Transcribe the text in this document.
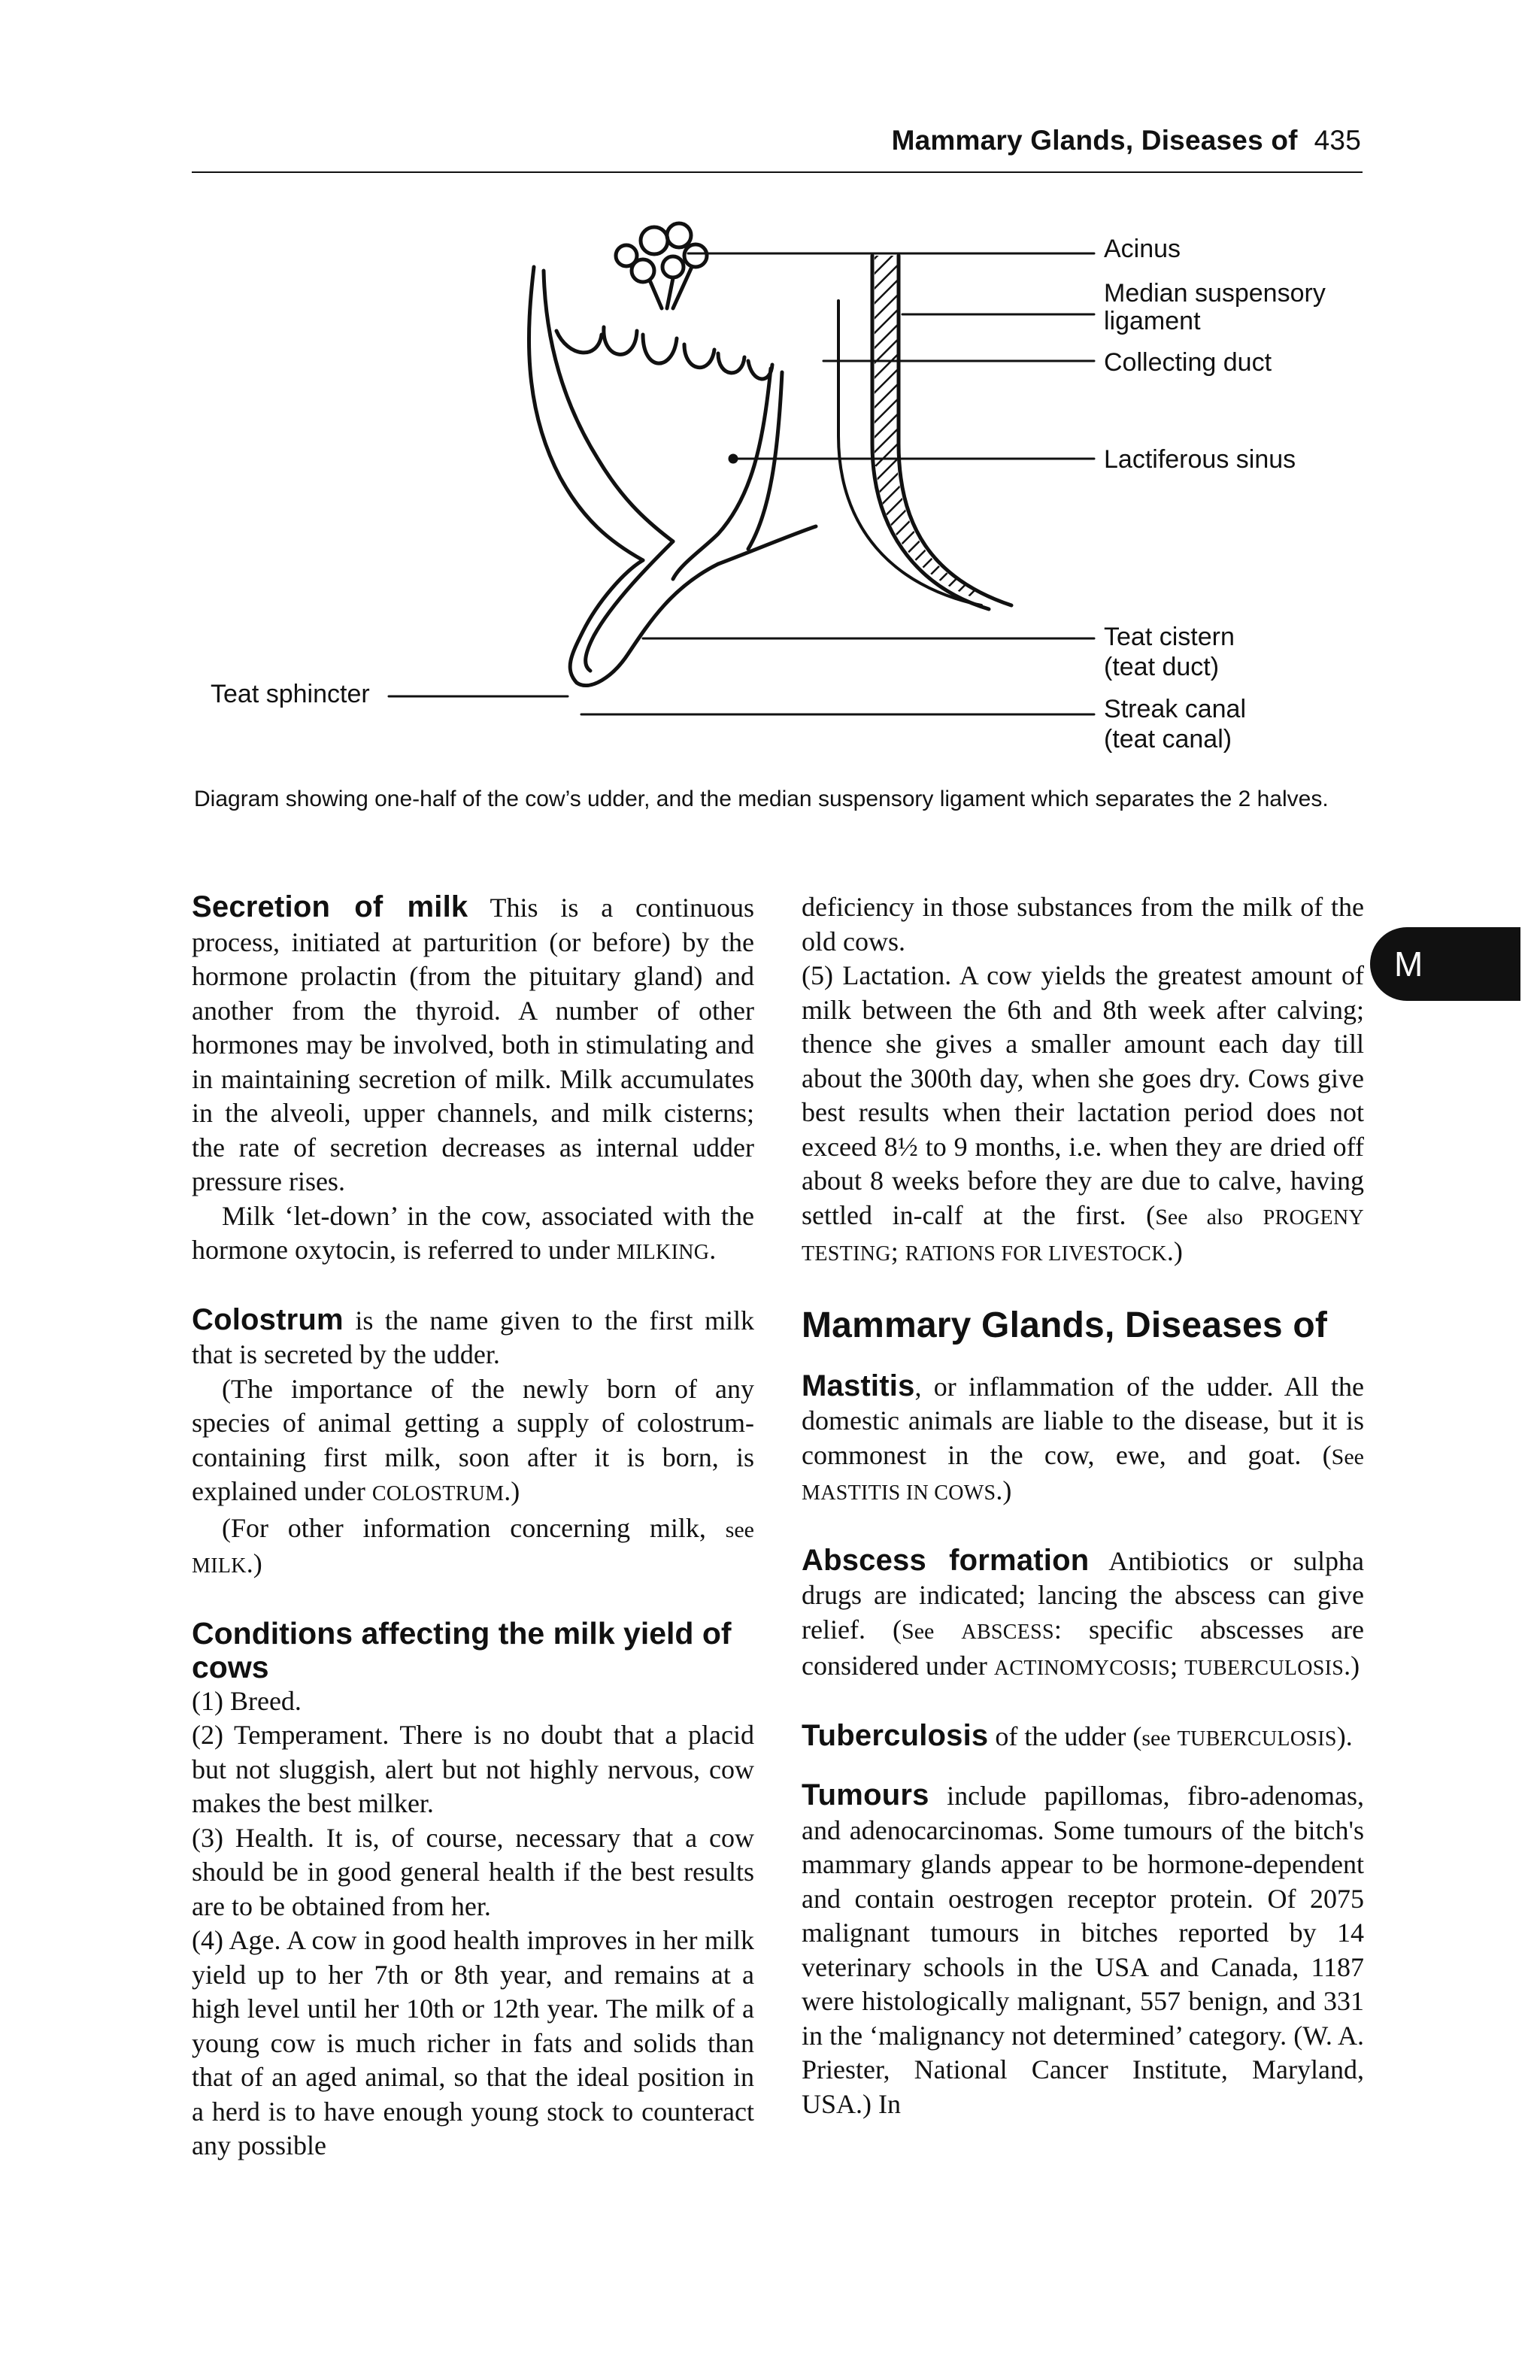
Mammary Glands, Diseases of 435
Acinus
Median suspensory
ligament
Collecting duct
Lactiferous sinus
Teat cistern
(teat duct)
Streak canal
(teat canal)
Teat sphincter
Diagram showing one-half of the cow’s udder, and the median suspensory ligament which separates the 2 halves.

Secretion of milk This is a continuous process, initiated at parturition (or before) by the hormone prolactin (from the pituitary gland) and another from the thyroid. A number of other hormones may be involved, both in stimulating and in maintaining secretion of milk. Milk accumulates in the alveoli, upper channels, and milk cisterns; the rate of secretion decreases as internal udder pressure rises.

Milk ‘let-down’ in the cow, associated with the hormone oxytocin, is referred to under MILKING.

Colostrum is the name given to the first milk that is secreted by the udder.

(The importance of the newly born of any species of animal getting a supply of colostrum-containing first milk, soon after it is born, is explained under COLOSTRUM.)

(For other information concerning milk, see MILK.)

Conditions affecting the milk yield of cows

(1) Breed.

(2) Temperament. There is no doubt that a placid but not sluggish, alert but not highly nervous, cow makes the best milker.

(3) Health. It is, of course, necessary that a cow should be in good general health if the best results are to be obtained from her.

(4) Age. A cow in good health improves in her milk yield up to her 7th or 8th year, and remains at a high level until her 10th or 12th year. The milk of a young cow is much richer in fats and solids than that of an aged animal, so that the ideal position in a herd is to have enough young stock to counteract any possible

deficiency in those substances from the milk of the old cows.

(5) Lactation. A cow yields the greatest amount of milk between the 6th and 8th week after calving; thence she gives a smaller amount each day till about the 300th day, when she goes dry. Cows give best results when their lactation period does not exceed 8½ to 9 months, i.e. when they are dried off about 8 weeks before they are due to calve, having settled in-calf at the first. (See also PROGENY TESTING; RATIONS FOR LIVESTOCK.)

Mammary Glands, Diseases of

Mastitis, or inflammation of the udder. All the domestic animals are liable to the disease, but it is commonest in the cow, ewe, and goat. (See MASTITIS IN COWS.)

Abscess formation Antibiotics or sulpha drugs are indicated; lancing the abscess can give relief. (See ABSCESS: specific abscesses are considered under ACTINOMYCOSIS; TUBERCULOSIS.)

Tuberculosis of the udder (see TUBERCULOSIS).

Tumours include papillomas, fibro-adenomas, and adenocarcinomas. Some tumours of the bitch's mammary glands appear to be hormone-dependent and contain oestrogen receptor protein. Of 2075 malignant tumours in bitches reported by 14 veterinary schools in the USA and Canada, 1187 were histologically malignant, 557 benign, and 331 in the ‘malignancy not determined’ category. (W. A. Priester, National Cancer Institute, Maryland, USA.) In

M
